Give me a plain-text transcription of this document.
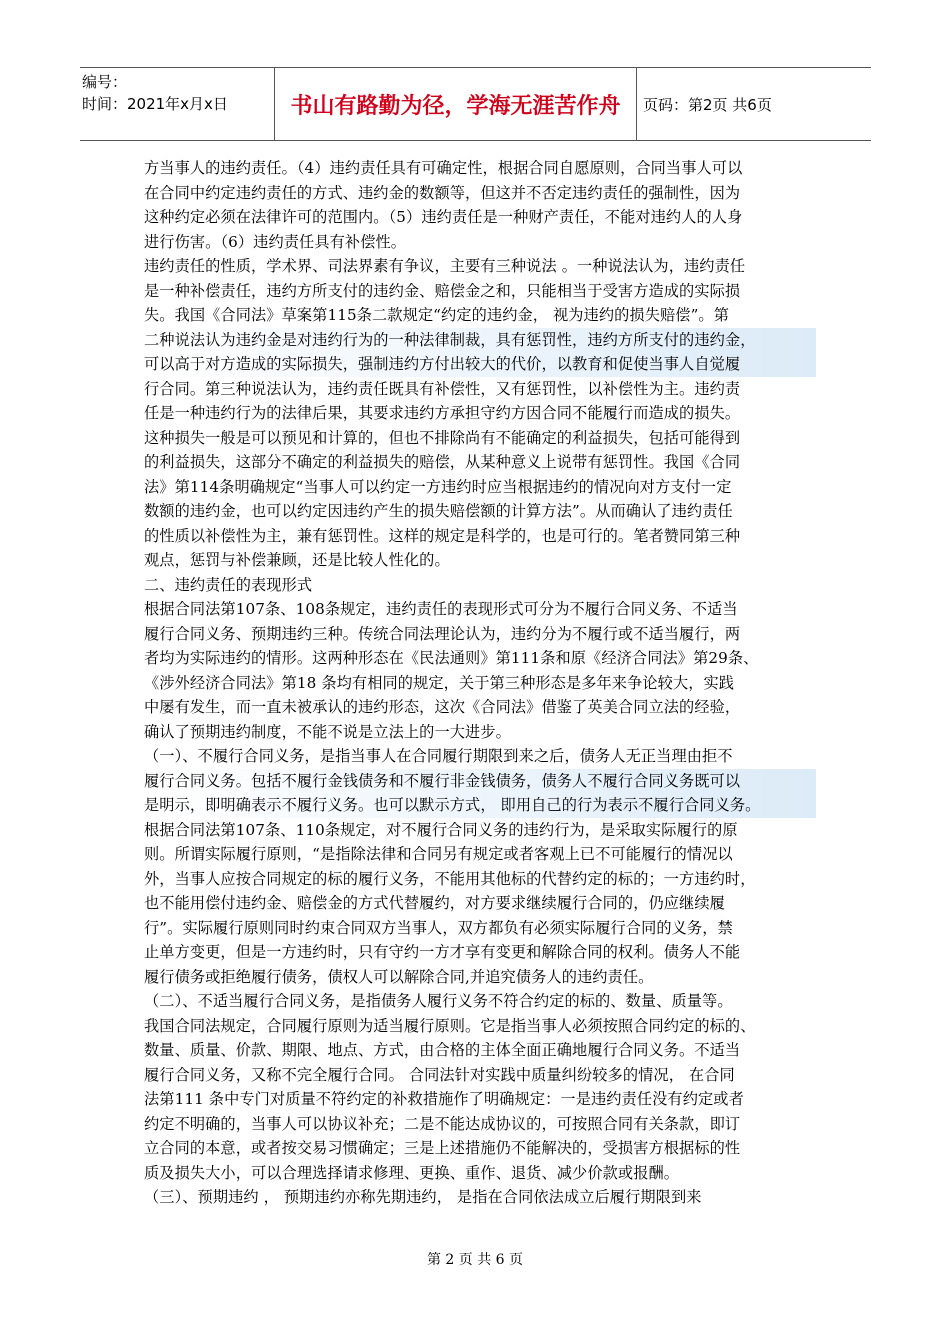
编号：
时间：2021年x月x日	书山有路勤为径，学海无涯苦作舟 页码：第2页 共6页

方当事人的违约责任。（4）违约责任具有可确定性，根据合同自愿原则，合同当事人可以

在合同中约定违约责任的方式、违约金的数额等，但这并不否定违约责任的强制性，因为

这种约定必须在法律许可的范围内。（5）违约责任是一种财产责任，不能对违约人的人身

进行伤害。（6）违约责任具有补偿性。

违约责任的性质，学术界、司法界素有争议，主要有三种说法 。一种说法认为，违约责任

是一种补偿责任，违约方所支付的违约金、赔偿金之和，只能相当于受害方造成的实际损

失。我国《合同法》草案第115条二款规定“约定的违约金， 视为违约的损失赔偿”。第

二种说法认为违约金是对违约行为的一种法律制裁，具有惩罚性，违约方所支付的违约金，

可以高于对方造成的实际损失，强制违约方付出较大的代价，以教育和促使当事人自觉履

行合同。第三种说法认为，违约责任既具有补偿性，又有惩罚性，以补偿性为主。违约责

任是一种违约行为的法律后果，其要求违约方承担守约方因合同不能履行而造成的损失。

这种损失一般是可以预见和计算的，但也不排除尚有不能确定的利益损失，包括可能得到

的利益损失，这部分不确定的利益损失的赔偿，从某种意义上说带有惩罚性。我国《合同

法》第114条明确规定“当事人可以约定一方违约时应当根据违约的情况向对方支付一定

数额的违约金，也可以约定因违约产生的损失赔偿额的计算方法”。从而确认了违约责任

的性质以补偿性为主，兼有惩罚性。这样的规定是科学的，也是可行的。笔者赞同第三种

观点，惩罚与补偿兼顾，还是比较人性化的。

二、违约责任的表现形式

根据合同法第107条、108条规定，违约责任的表现形式可分为不履行合同义务、不适当

履行合同义务、预期违约三种。传统合同法理论认为，违约分为不履行或不适当履行，两

者均为实际违约的情形。这两种形态在《民法通则》第111条和原《经济合同法》第29条、

《涉外经济合同法》第18 条均有相同的规定，关于第三种形态是多年来争论较大，实践

中屡有发生，而一直未被承认的违约形态，这次《合同法》借鉴了英美合同立法的经验，

确认了预期违约制度，不能不说是立法上的一大进步。

（一）、不履行合同义务，是指当事人在合同履行期限到来之后，债务人无正当理由拒不

履行合同义务。包括不履行金钱债务和不履行非金钱债务，债务人不履行合同义务既可以

是明示，即明确表示不履行义务。也可以默示方式， 即用自己的行为表示不履行合同义务。

根据合同法第107条、110条规定，对不履行合同义务的违约行为，是采取实际履行的原

则。所谓实际履行原则，“是指除法律和合同另有规定或者客观上已不可能履行的情况以

外，当事人应按合同规定的标的履行义务，不能用其他标的代替约定的标的；一方违约时，

也不能用偿付违约金、赔偿金的方式代替履约，对方要求继续履行合同的，仍应继续履

行”。实际履行原则同时约束合同双方当事人，双方都负有必须实际履行合同的义务，禁

止单方变更，但是一方违约时，只有守约一方才享有变更和解除合同的权利。债务人不能

履行债务或拒绝履行债务，债权人可以解除合同,并追究债务人的违约责任。

（二）、不适当履行合同义务，是指债务人履行义务不符合约定的标的、数量、质量等。

我国合同法规定，合同履行原则为适当履行原则。它是指当事人必须按照合同约定的标的、

数量、质量、价款、期限、地点、方式，由合格的主体全面正确地履行合同义务。不适当

履行合同义务，又称不完全履行合同。 合同法针对实践中质量纠纷较多的情况， 在合同

法第111 条中专门对质量不符约定的补救措施作了明确规定：一是违约责任没有约定或者

约定不明确的，当事人可以协议补充；二是不能达成协议的，可按照合同有关条款，即订

立合同的本意，或者按交易习惯确定；三是上述措施仍不能解决的，受损害方根据标的性

质及损失大小，可以合理选择请求修理、更换、重作、退货、减少价款或报酬。

（三）、预期违约 ， 预期违约亦称先期违约， 是指在合同依法成立后履行期限到来

第 2 页 共 6 页
